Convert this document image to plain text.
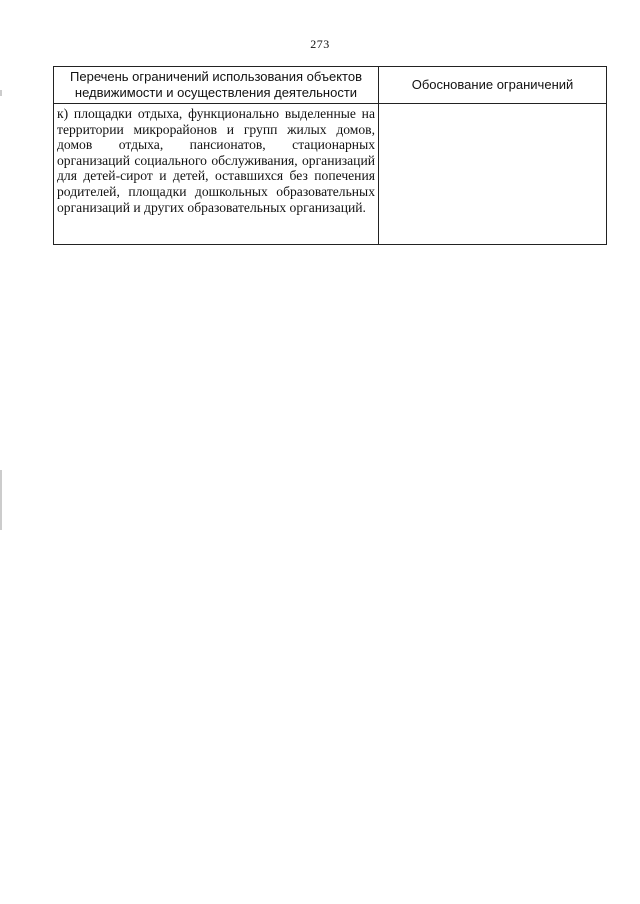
273
Перечень ограничений использования объектов недвижимости и осуществления деятельности	Обоснование ограничений

к) площадки отдыха, функционально выделенные на территории микрорайонов и групп жилых домов, домов отдыха, пансионатов, стационарных организаций социального обслуживания, организаций для детей-сирот и детей, оставшихся без попечения родителей, площадки дошкольных образовательных организаций и других образовательных организаций.	
